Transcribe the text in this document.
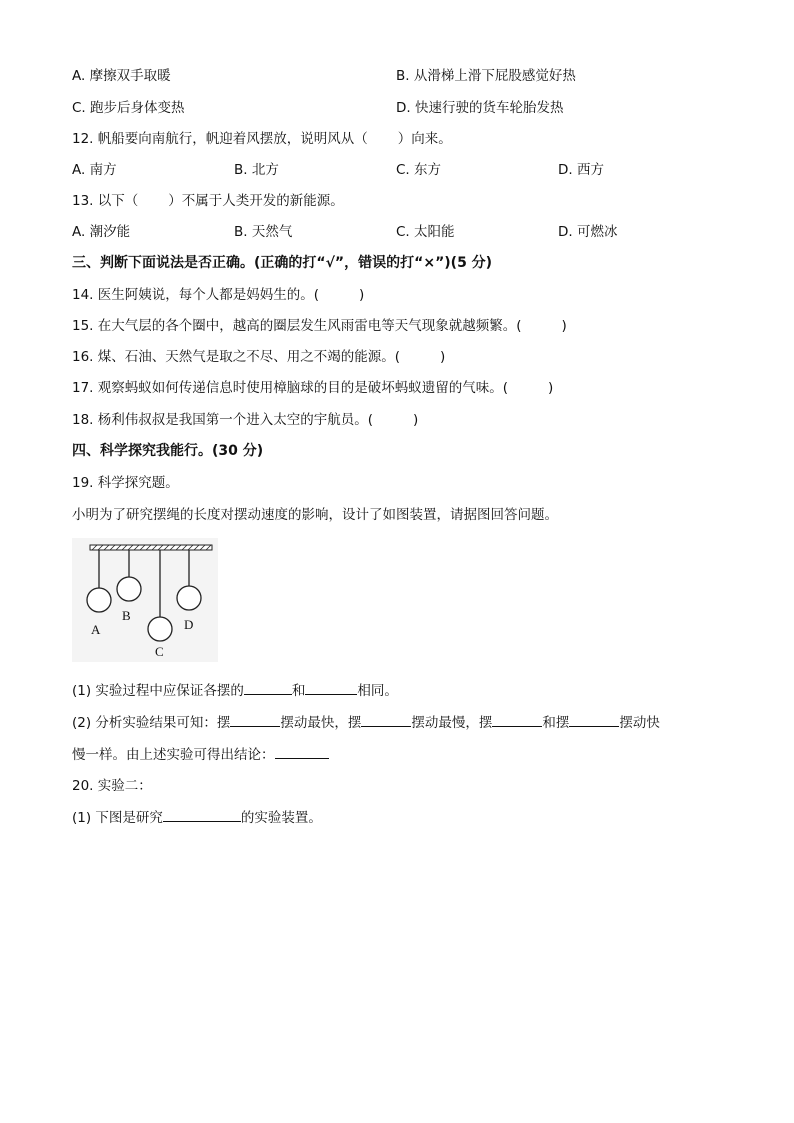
A. 摩擦双手取暖	B. 从滑梯上滑下屁股感觉好热
C. 跑步后身体变热	D. 快速行驶的货车轮胎发热
12. 帆船要向南航行，帆迎着风摆放，说明风从（ ）向来。
A. 南方	B. 北方	C. 东方	D. 西方
13. 以下（ ）不属于人类开发的新能源。
A. 潮汐能	B. 天然气	C. 太阳能	D. 可燃冰
三、判断下面说法是否正确。(正确的打“√”，错误的打“×”)(5 分)
14. 医生阿姨说，每个人都是妈妈生的。(	)
15. 在大气层的各个圈中，越高的圈层发生风雨雷电等天气现象就越频繁。(	)
16. 煤、石油、天然气是取之不尽、用之不竭的能源。(	)
17. 观察蚂蚁如何传递信息时使用樟脑球的目的是破坏蚂蚁遗留的气味。(	)
18. 杨利伟叔叔是我国第一个进入太空的宇航员。(	)
四、科学探究我能行。(30 分)
19. 科学探究题。
小明为了研究摆绳的长度对摆动速度的影响，设计了如图装置，请据图回答问题。
A
B
C
D
(1) 实验过程中应保证各摆的	和	相同。
(2) 分析实验结果可知：摆	摆动最快，摆	摆动最慢，摆	和摆	摆动快
慢一样。由上述实验可得出结论：
20. 实验二：
(1) 下图是研究	的实验装置。
